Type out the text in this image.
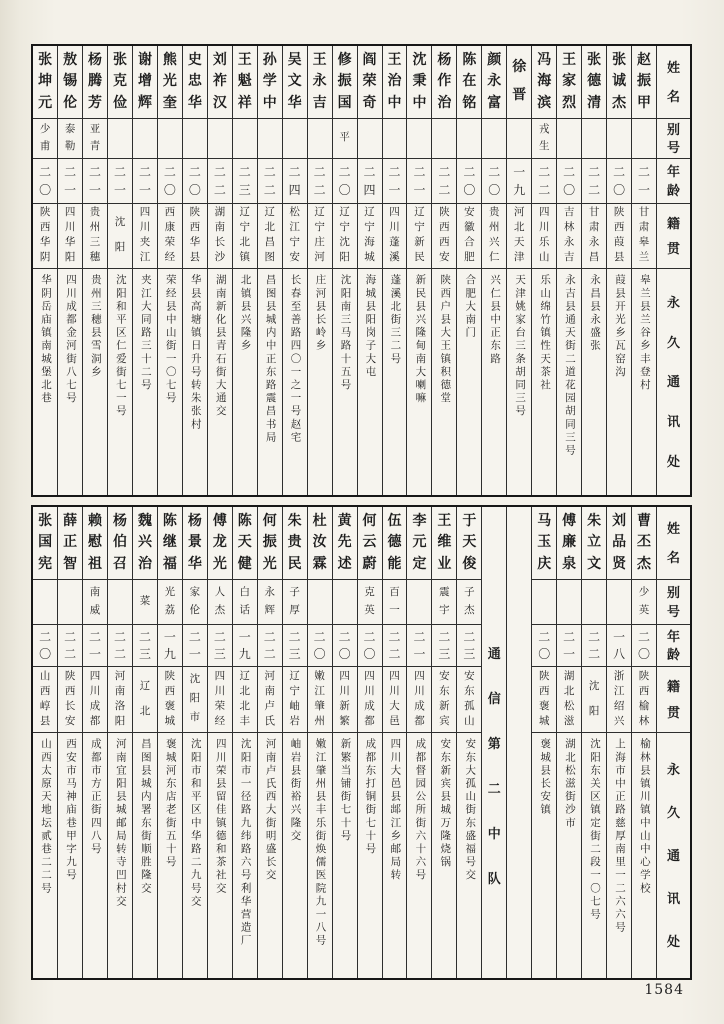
姓
名
别
号
年
龄
籍
贯
永
久
通
讯
处
赵
振
甲
二
一
甘
肃
皋
兰
皋兰县兰谷乡丰登村
张
诚
杰
二
〇
陕
西
葭
县
葭县开光乡瓦窑沟
张
德
清
二
二
甘
肃
永
昌
永昌县永盛张
王
家
烈
二
〇
吉
林
永
吉
永吉县通天街二道花园胡同三号
冯
海
滨
戎
生
二
二
四
川
乐
山
乐山绵竹镇性天茶社
徐
晋
一
九
河
北
天
津
天津姚家台三条胡同三号
颜
永
富
二
〇
贵
州
兴
仁
兴仁县中正东路
陈
在
铭
二
〇
安
徽
合
肥
合肥大南门
杨
作
治
二
二
陕
西
西
安
陕西户县大王镇积德堂
沈
秉
中
二
一
辽
宁
新
民
新民县兴隆甸南大喇嘛
王
治
中
二
一
四
川
蓬
溪
蓬溪北街三二号
阎
荣
奇
二
四
辽
宁
海
城
海城县阳岗子大屯
修
振
国
平
二
〇
辽
宁
沈
阳
沈阳南三马路十五号
王
永
吉
二
二
辽
宁
庄
河
庄河县长岭乡
吴
文
华
二
四
松
江
宁
安
长春至善路四〇一之一号赵宅
孙
学
中
二
二
辽
北
昌
图
昌图县城内中正东路震昌书局
王
魁
祥
二
三
辽
宁
北
镇
北镇县兴隆乡
刘
祚
汉
二
二
湖
南
长
沙
湖南新化县青石街大通交
史
忠
华
二
〇
陕
西
华
县
华县高塘镇日升号转朱张村
熊
光
奎
二
〇
西
康
荣
经
荣经县中山街一〇七号
谢
增
辉
二
一
四
川
夹
江
夹江大同路三十二号
张
克
俭
二
一
沈
阳
沈阳和平区仁爱街七一号
杨
腾
芳
亚
青
二
一
贵
州
三
穗
贵州三穗县雪洞乡
敖
锡
伦
泰
勒
二
一
四
川
华
阳
四川成都金河街八七号
张
坤
元
少
甫
二
〇
陕
西
华
阴
华阴岳庙镇南城堡北巷
姓
名
别
号
年
龄
籍
贯
永
久
通
讯
处
曹
丕
杰
少
英
二
〇
陕
西
榆
林
榆林县镇川镇中山中心学校
刘
品
贤
一
八
浙
江
绍
兴
上海市中正路慈厚南里一二六六号
朱
立
文
二
二
沈
阳
沈阳东关区镇定街二段一〇七号
傅
廉
泉
二
一
湖
北
松
滋
湖北松滋街沙市
马
玉
庆
二
〇
陕
西
褒
城
褒城县长安镇
通
信
第
二
中
队
于
天
俊
子
杰
二
三
安
东
孤
山
安东大孤山街东盛福号交
王
维
业
震
宇
二
三
安
东
新
宾
安东新宾县城万隆烧锅
李
元
定
二
一
四
川
成
都
成都督园公所街六十六号
伍
德
能
百
一
二
二
四
川
大
邑
四川大邑县䢺江乡邮局转
何
云
蔚
克
英
二
〇
四
川
成
都
成都东打铜街七十号
黄
先
述
二
〇
四
川
新
繁
新繁当铺街七十号
杜
汝
霖
二
〇
嫩
江
肇
州
嫩江肇州县丰乐街焕儒医院九一八号
朱
贵
民
子
厚
二
三
辽
宁
岫
岩
岫岩县街裕兴隆交
何
振
光
永
辉
二
二
河
南
卢
氏
河南卢氏西大街明盛长交
陈
天
健
白
话
一
九
辽
北
北
丰
沈阳市一径路九纬路六号利华营造厂
傅
龙
光
人
杰
二
三
四
川
荣
经
四川荣县留佳镇德和茶社交
杨
景
华
家
伦
二
一
沈
阳
市
沈阳市和平区中华路二九号交
陈
继
福
光
荔
一
九
陕
西
褒
城
褒城河东店老街五十号
魏
兴
治
菜
二
三
辽
北
昌图县城内署东街顺胜隆交
杨
伯
召
二
二
河
南
洛
阳
河南宜阳县城邮局转寺凹村交
赖
慰
祖
南
威
二
一
四
川
成
都
成都市方正街四八号
薛
正
智
二
二
陕
西
长
安
西安市马神庙巷甲字九号
张
国
宪
二
〇
山
西
崞
县
山西太原天地坛贰巷二二号
1584
